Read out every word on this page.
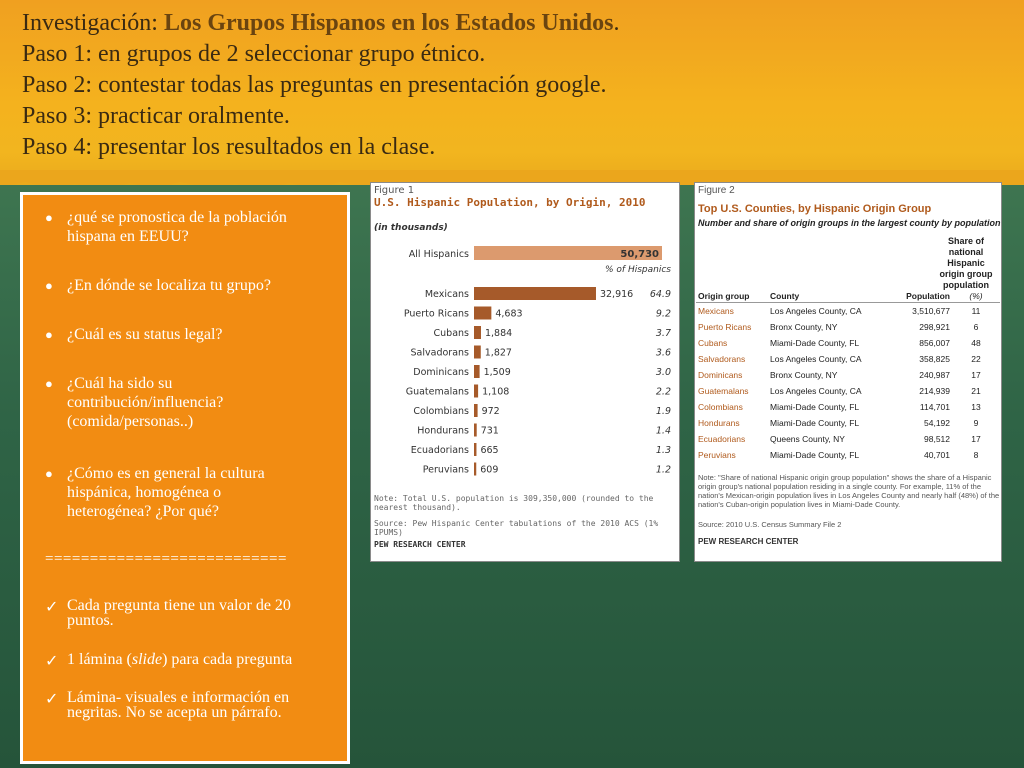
Investigación: Los Grupos Hispanos en los Estados Unidos.
Paso 1: en grupos de 2 seleccionar grupo étnico.
Paso 2: contestar todas las preguntas en presentación google.
Paso 3: practicar oralmente.
Paso 4: presentar los resultados en la clase.
● ¿qué se pronostica de la población hispana en EEUU?
● ¿En dónde se localiza tu grupo?
● ¿Cuál es su status legal?
● ¿Cuál ha sido su contribución/influencia? (comida/personas..)
● ¿Cómo es en general la cultura hispánica, homogénea o heterogénea? ¿Por qué?
===========================
✓ Cada pregunta tiene un valor de 20 puntos.
✓ 1 lámina (slide) para cada pregunta
✓ Lámina- visuales e información en negritas. No se acepta un párrafo.
Figure 1
U.S. Hispanic Population, by Origin, 2010
(in thousands)
All Hispanics	50,730
% of Hispanics
Mexicans	32,916 64.9
Puerto Ricans	4,683	9.2
Cubans 1,884	3.7
Salvadorans 1,827	3.6
Dominicans 1,509	3.0
Guatemalans 1,108	2.2
Colombians 972	1.9
Hondurans 731	1.4
Ecuadorians 665	1.3
Peruvians 609	1.2
Note: Total U.S. population is 309,350,000 (rounded to the nearest thousand).
Source: Pew Hispanic Center tabulations of the 2010 ACS (1% IPUMS)
PEW RESEARCH CENTER
Figure 2
Top U.S. Counties, by Hispanic Origin Group
Number and share of origin groups in the largest county by population
Share of
national
Hispanic
origin group
population
Origin group	County	Population	(%)
Mexicans	Los Angeles County, CA	3,510,677	11
Puerto Ricans	Bronx County, NY	298,921	6
Cubans	Miami-Dade County, FL	856,007	48
Salvadorans	Los Angeles County, CA	358,825	22
Dominicans	Bronx County, NY	240,987	17
Guatemalans	Los Angeles County, CA	214,939	21
Colombians	Miami-Dade County, FL	114,701	13
Hondurans	Miami-Dade County, FL	54,192	9
Ecuadorians	Queens County, NY	98,512	17
Peruvians	Miami-Dade County, FL	40,701	8
Note: "Share of national Hispanic origin group population" shows the share of a Hispanic origin group's national population residing in a single county. For example, 11% of the nation's Mexican-origin population lives in Los Angeles County and nearly half (48%) of the nation's Cuban-origin population lives in Miami-Dade County.
Source: 2010 U.S. Census Summary File 2
PEW RESEARCH CENTER
